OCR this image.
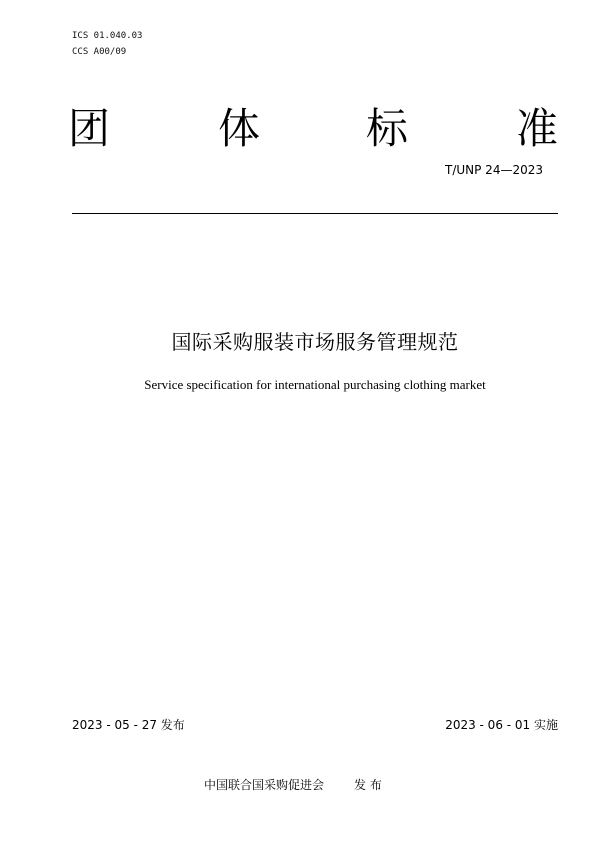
ICS 01.040.03
CCS A00/09
团	体	标	准
T/UNP 24—2023
国际采购服装市场服务管理规范
Service specification for international purchasing clothing market
2023 - 05 - 27 发布	2023 - 06 - 01 实施
中国联合国采购促进会	发 布
